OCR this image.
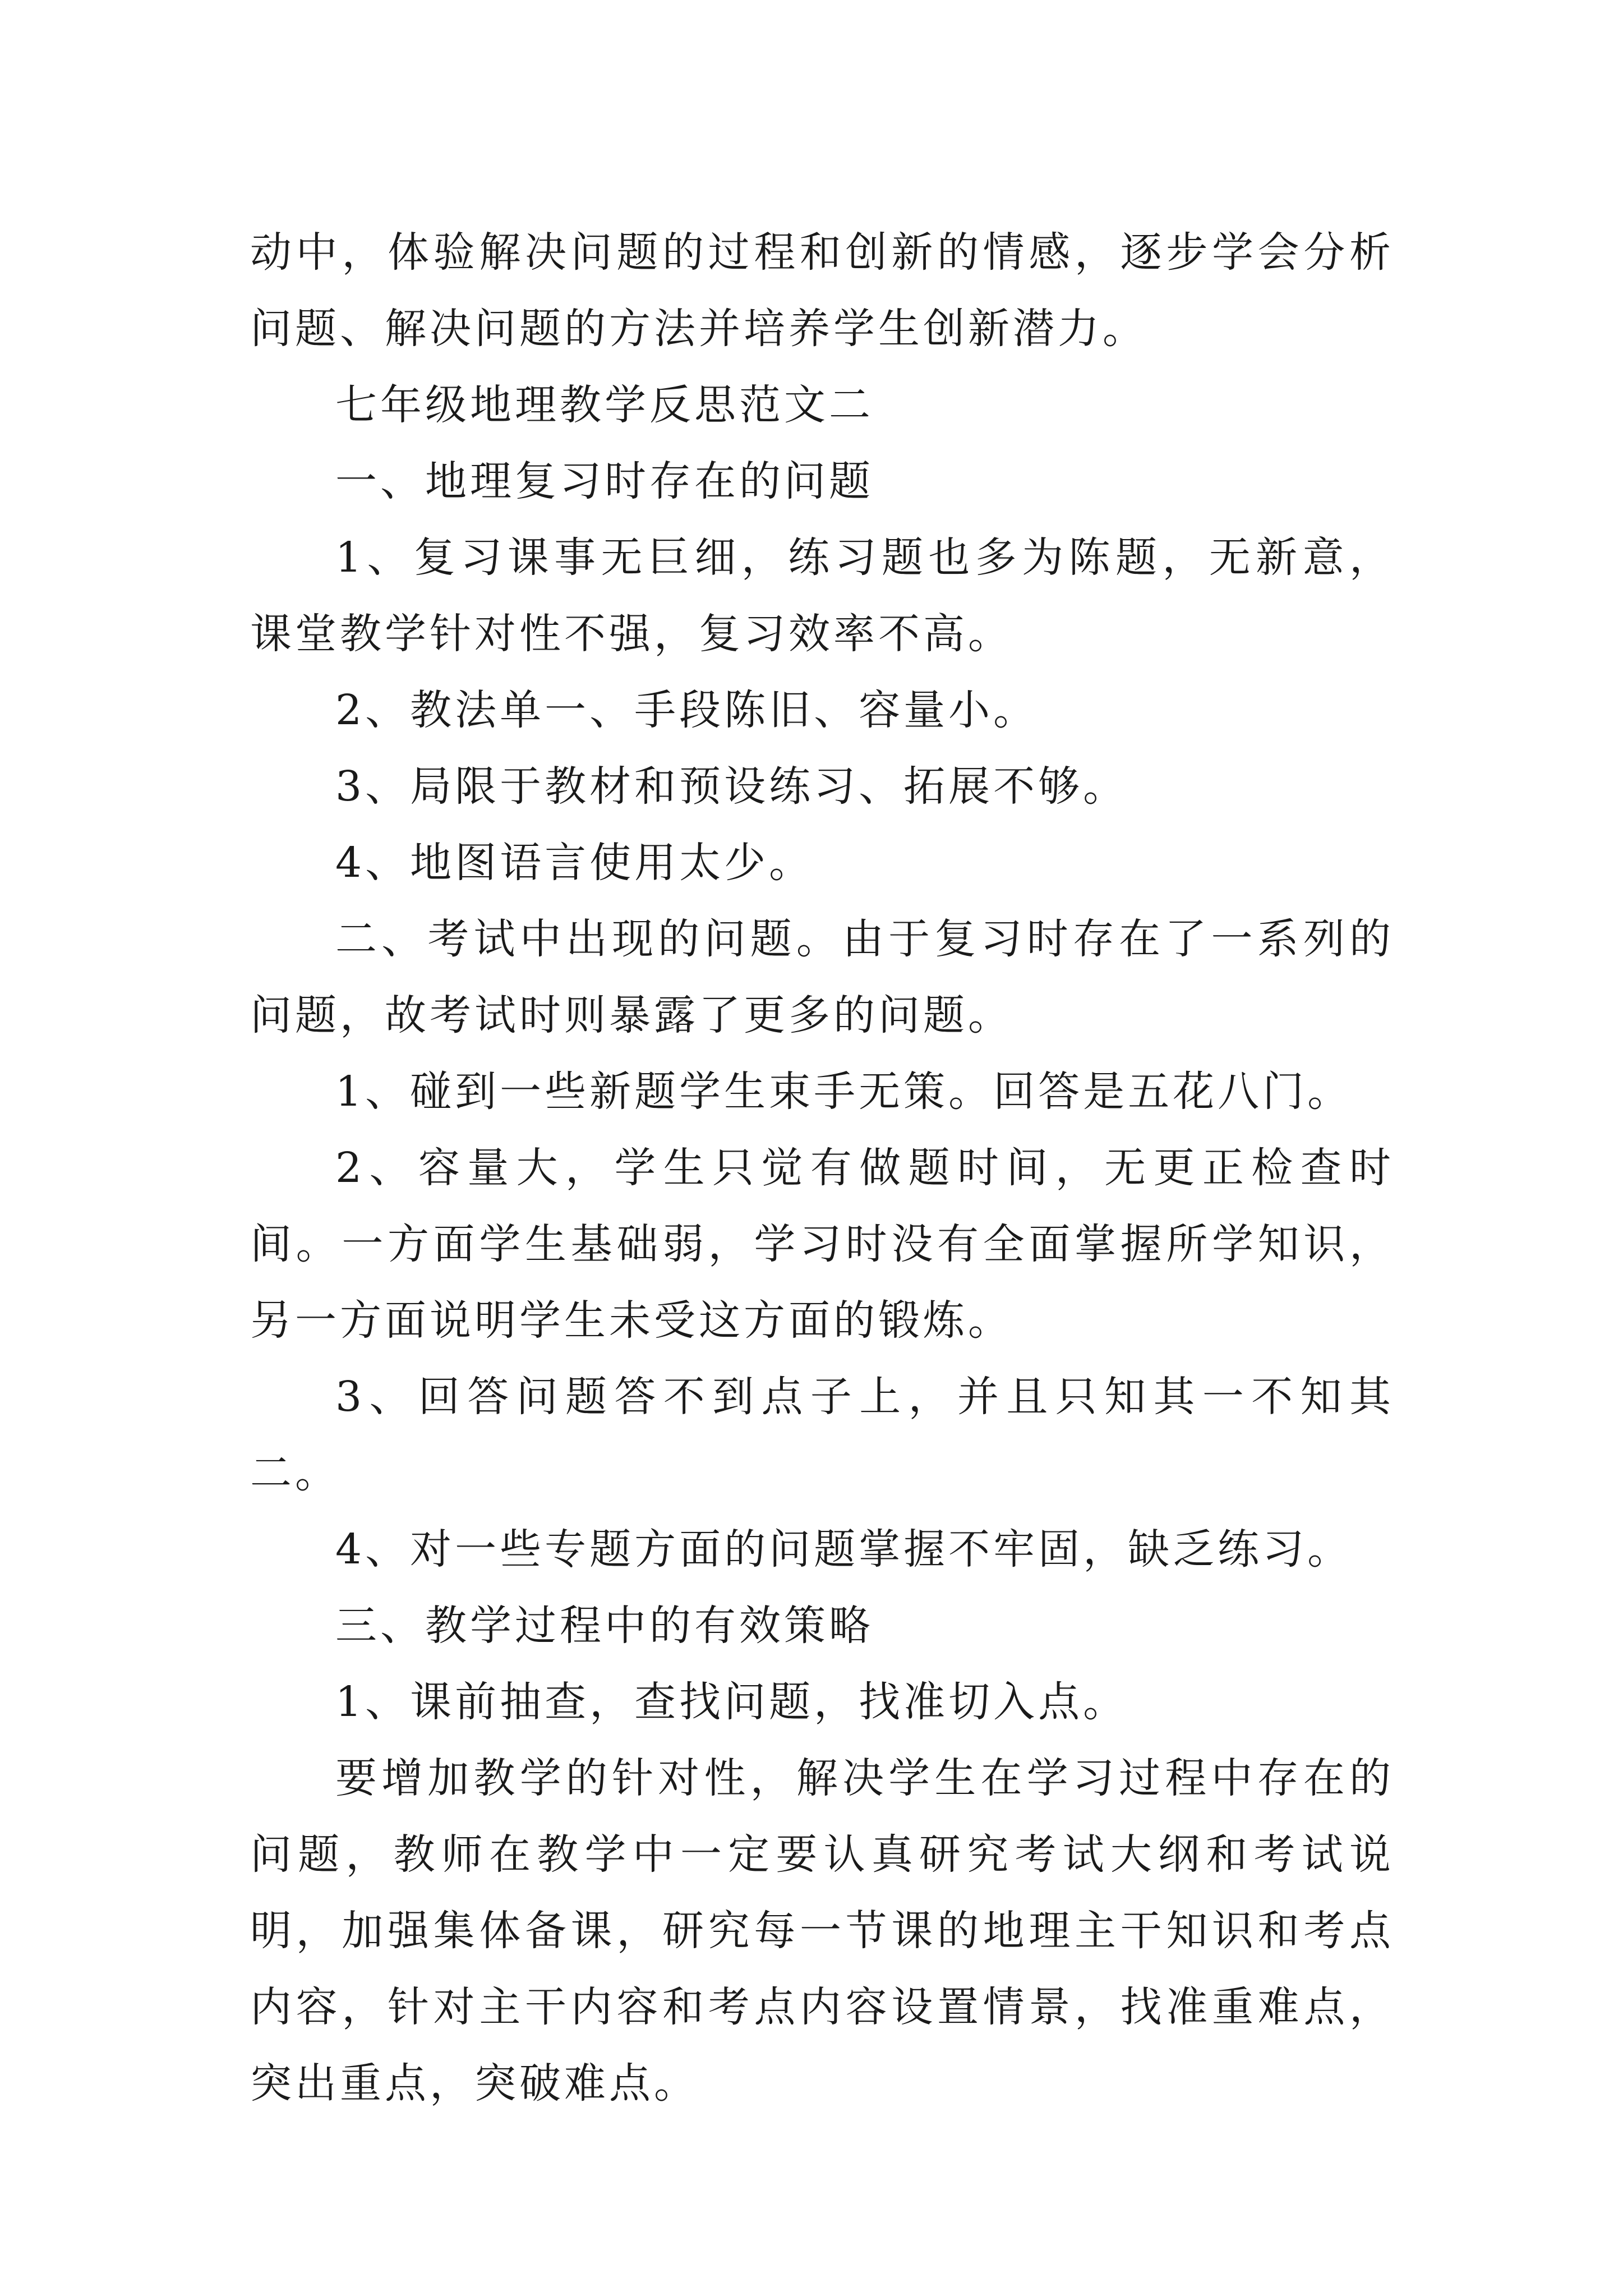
动中，体验解决问题的过程和创新的情感，逐步学会分析问题、解决问题的方法并培养学生创新潜力。

七年级地理教学反思范文二

一、地理复习时存在的问题

1、复习课事无巨细，练习题也多为陈题，无新意，课堂教学针对性不强，复习效率不高。

2、教法单一、手段陈旧、容量小。

3、局限于教材和预设练习、拓展不够。

4、地图语言使用太少。

二、考试中出现的问题。由于复习时存在了一系列的问题，故考试时则暴露了更多的问题。

1、碰到一些新题学生束手无策。回答是五花八门。

2、容量大，学生只觉有做题时间，无更正检查时间。一方面学生基础弱，学习时没有全面掌握所学知识，另一方面说明学生未受这方面的锻炼。

3、回答问题答不到点子上，并且只知其一不知其二。

4、对一些专题方面的问题掌握不牢固，缺乏练习。

三、教学过程中的有效策略

1、课前抽查，查找问题，找准切入点。

要增加教学的针对性，解决学生在学习过程中存在的问题，教师在教学中一定要认真研究考试大纲和考试说明，加强集体备课，研究每一节课的地理主干知识和考点内容，针对主干内容和考点内容设置情景，找准重难点，突出重点，突破难点。
